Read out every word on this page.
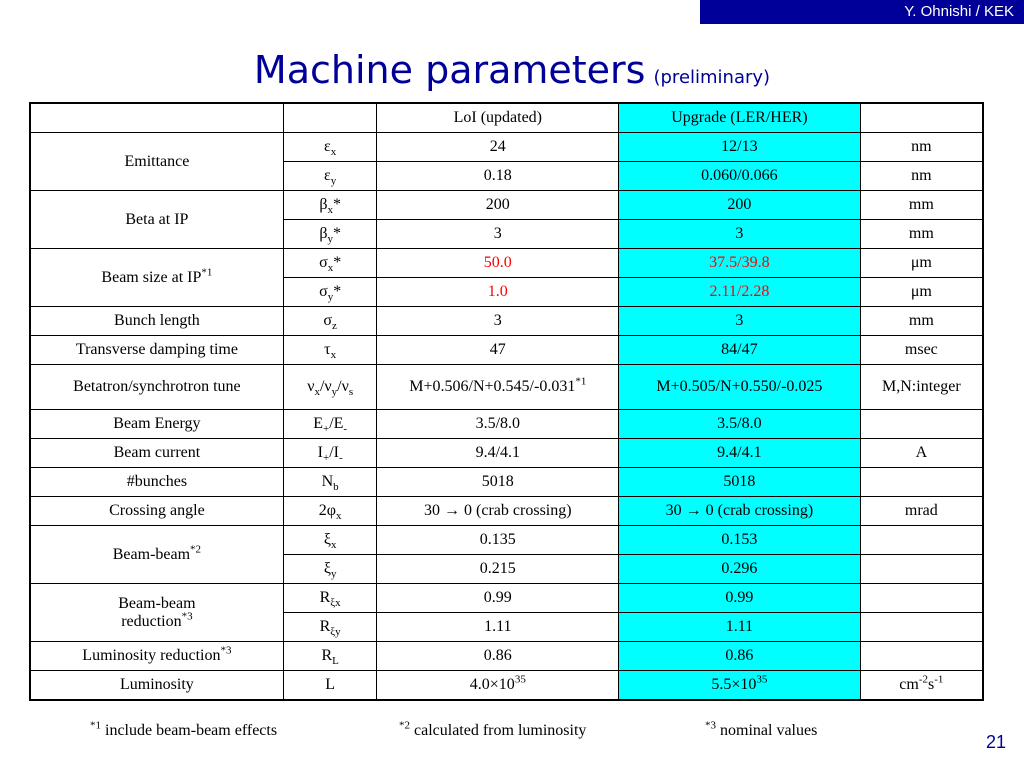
Y. Ohnishi / KEK
Machine parameters (preliminary)
		LoI (updated)	Upgrade (LER/HER)	
Emittance	$\varepsilon_x$	24	12/13	nm
	$\varepsilon_y$	0.18	0.060/0.066	nm
Beta at IP	$\beta_x*$	200	200	mm
	$\beta_y*$	3	3	mm
Beam size at IP$^{*1}$	$\sigma_x*$	50.0	37.5/39.8	μm
	$\sigma_y*$	1.0	2.11/2.28	μm
Bunch length	$\sigma_z$	3	3	mm
Transverse damping time	$\tau_x$	47	84/47	msec
Betatron/synchrotron tune	$\nu_x/\nu_y/\nu_s$	$M+0.506/N+0.545/-0.031^{*1}$	M+0.505/N+0.550/-0.025	M,N:integer
Beam Energy	$E_+/E_-$	3.5/8.0	3.5/8.0	
Beam current	$I_+/I_-$	9.4/4.1	9.4/4.1	A
#bunches	$N_b$	5018	5018	
Crossing angle	$2\varphi_x$	30 → 0 (crab crossing)	30 → 0 (crab crossing)	mrad
Beam-beam$^{*2}$	$\xi_x$	0.135	0.153	
	$\xi_y$	0.215	0.296	
Beam-beam
reduction$^{*3}$	$R_{\xi x}$	0.99	0.99	
	$R_{\xi y}$	1.11	1.11	
Luminosity reduction$^{*3}$	$R_L$	0.86	0.86	
Luminosity	L	$4.0\times 10^{35}$	$5.5\times 10^{35}$	$cm^{-2}s^{-1}$
$^{*1}$ include beam-beam effects	$^{*2}$ calculated from luminosity	$^{*3}$ nominal values
21
